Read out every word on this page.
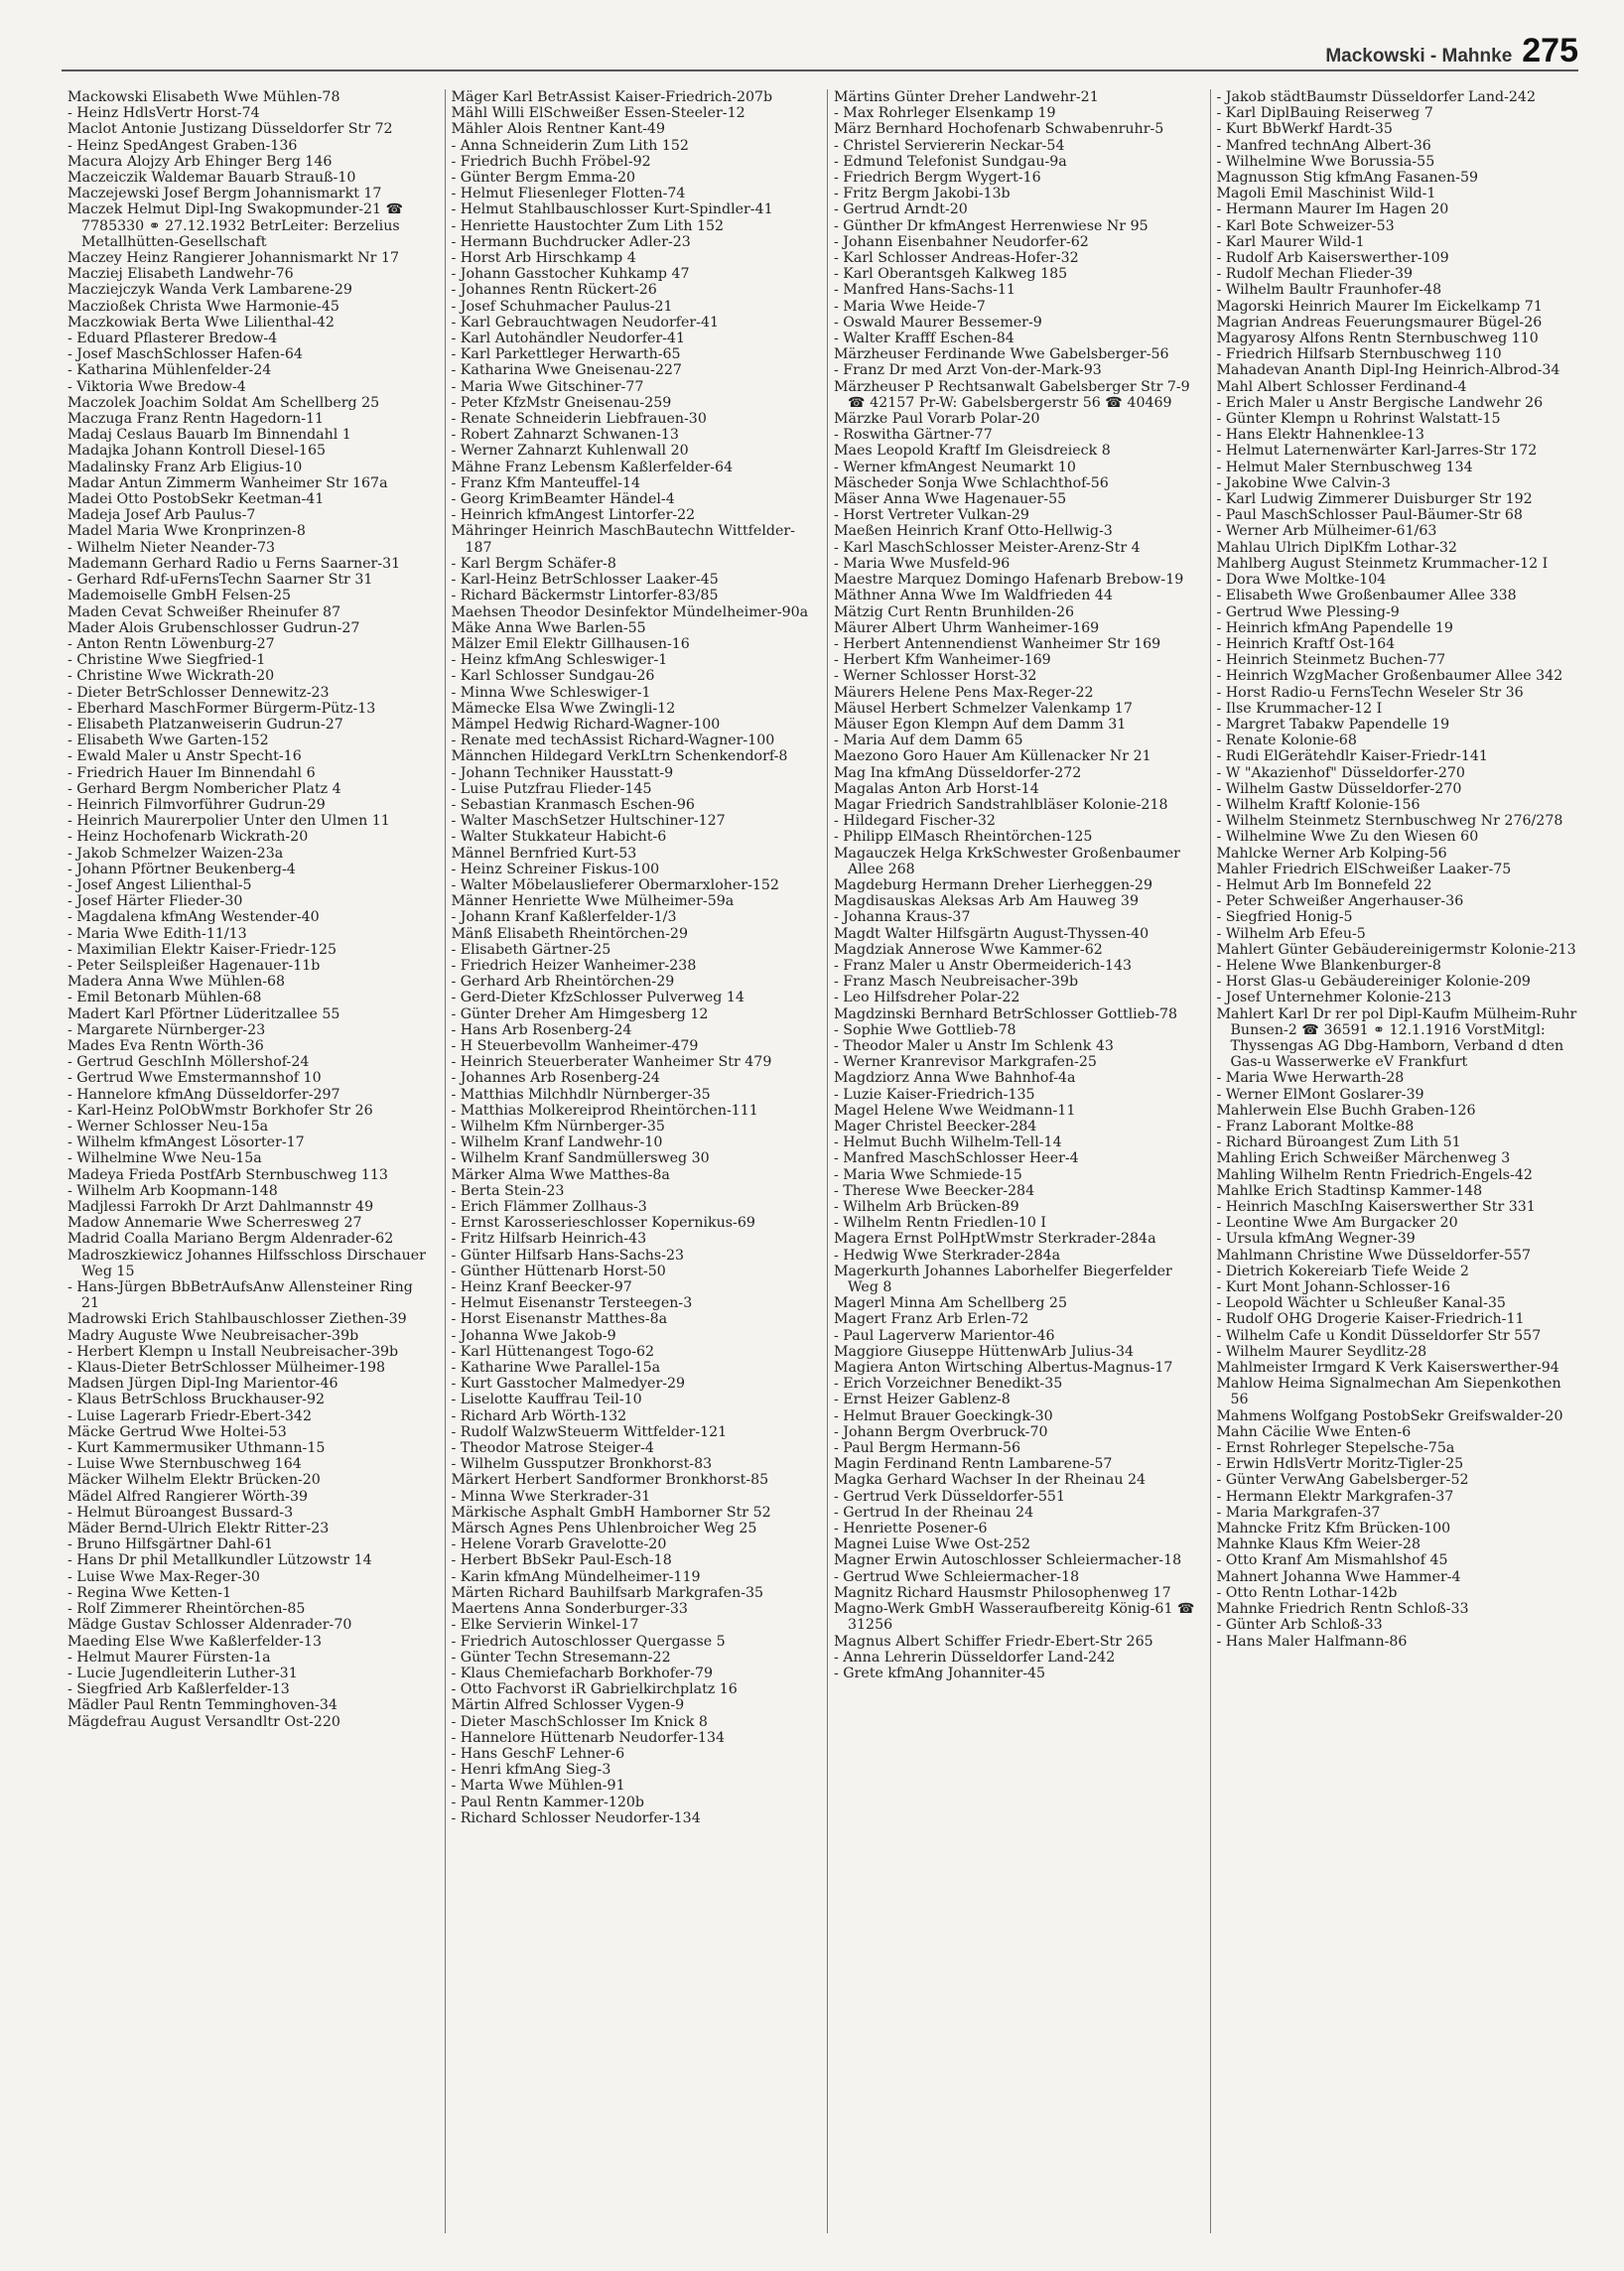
Mackowski - Mahnke 275
Mackowski Elisabeth Wwe Mühlen-78
- Heinz HdlsVertr Horst-74
Maclot Antonie Justizang Düsseldorfer Str 72
- Heinz SpedAngest Graben-136
Macura Alojzy Arb Ehinger Berg 146
Maczeiczik Waldemar Bauarb Strauß-10
Maczejewski Josef Bergm Johannismarkt 17
Maczek Helmut Dipl-Ing Swakopmunder-21 ☎ 7785330 ⚭ 27.12.1932 BetrLeiter: Berzelius Metallhütten-Gesellschaft
Maczey Heinz Rangierer Johannismarkt Nr 17
Macziej Elisabeth Landwehr-76
Macziejczyk Wanda Verk Lambarene-29
Maczioßek Christa Wwe Harmonie-45
Maczkowiak Berta Wwe Lilienthal-42
- Eduard Pflasterer Bredow-4
- Josef MaschSchlosser Hafen-64
- Katharina Mühlenfelder-24
- Viktoria Wwe Bredow-4
Maczolek Joachim Soldat Am Schellberg 25
Maczuga Franz Rentn Hagedorn-11
Madaj Ceslaus Bauarb Im Binnendahl 1
Madajka Johann Kontroll Diesel-165
Madalinsky Franz Arb Eligius-10
Madar Antun Zimmerm Wanheimer Str 167a
Madei Otto PostobSekr Keetman-41
Madeja Josef Arb Paulus-7
Madel Maria Wwe Kronprinzen-8
- Wilhelm Nieter Neander-73
Mademann Gerhard Radio u Ferns Saarner-31
- Gerhard Rdf-uFernsTechn Saarner Str 31
Mademoiselle GmbH Felsen-25
Maden Cevat Schweißer Rheinufer 87
Mader Alois Grubenschlosser Gudrun-27
- Anton Rentn Löwenburg-27
- Christine Wwe Siegfried-1
- Christine Wwe Wickrath-20
- Dieter BetrSchlosser Dennewitz-23
- Eberhard MaschFormer Bürgerm-Pütz-13
- Elisabeth Platzanweiserin Gudrun-27
- Elisabeth Wwe Garten-152
- Ewald Maler u Anstr Specht-16
- Friedrich Hauer Im Binnendahl 6
- Gerhard Bergm Nombericher Platz 4
- Heinrich Filmvorführer Gudrun-29
- Heinrich Maurerpolier Unter den Ulmen 11
- Heinz Hochofenarb Wickrath-20
- Jakob Schmelzer Waizen-23a
- Johann Pförtner Beukenberg-4
- Josef Angest Lilienthal-5
- Josef Härter Flieder-30
- Magdalena kfmAng Westender-40
- Maria Wwe Edith-11/13
- Maximilian Elektr Kaiser-Friedr-125
- Peter Seilspleißer Hagenauer-11b
Madera Anna Wwe Mühlen-68
- Emil Betonarb Mühlen-68
Madert Karl Pförtner Lüderitzallee 55
- Margarete Nürnberger-23
Mades Eva Rentn Wörth-36
- Gertrud GeschInh Möllershof-24
- Gertrud Wwe Emstermannshof 10
- Hannelore kfmAng Düsseldorfer-297
- Karl-Heinz PolObWmstr Borkhofer Str 26
- Werner Schlosser Neu-15a
- Wilhelm kfmAngest Lösorter-17
- Wilhelmine Wwe Neu-15a
Madeya Frieda PostfArb Sternbuschweg 113
- Wilhelm Arb Koopmann-148
Madjlessi Farrokh Dr Arzt Dahlmannstr 49
Madow Annemarie Wwe Scherresweg 27
Madrid Coalla Mariano Bergm Aldenrader-62
Madroszkiewicz Johannes Hilfsschloss Dirschauer Weg 15
- Hans-Jürgen BbBetrAufsAnw Allensteiner Ring 21
Madrowski Erich Stahlbauschlosser Ziethen-39
Madry Auguste Wwe Neubreisacher-39b
- Herbert Klempn u Install Neubreisacher-39b
- Klaus-Dieter BetrSchlosser Mülheimer-198
Madsen Jürgen Dipl-Ing Marientor-46
- Klaus BetrSchloss Bruckhauser-92
- Luise Lagerarb Friedr-Ebert-342
Mäcke Gertrud Wwe Holtei-53
- Kurt Kammermusiker Uthmann-15
- Luise Wwe Sternbuschweg 164
Mäcker Wilhelm Elektr Brücken-20
Mädel Alfred Rangierer Wörth-39
- Helmut Büroangest Bussard-3
Mäder Bernd-Ulrich Elektr Ritter-23
- Bruno Hilfsgärtner Dahl-61
- Hans Dr phil Metallkundler Lützowstr 14
- Luise Wwe Max-Reger-30
- Regina Wwe Ketten-1
- Rolf Zimmerer Rheintörchen-85
Mädge Gustav Schlosser Aldenrader-70
Maeding Else Wwe Kaßlerfelder-13
- Helmut Maurer Fürsten-1a
- Lucie Jugendleiterin Luther-31
- Siegfried Arb Kaßlerfelder-13
Mädler Paul Rentn Temminghoven-34
Mägdefrau August Versandltr Ost-220
Mäger Karl BetrAssist Kaiser-Friedrich-207b
Mähl Willi ElSchweißer Essen-Steeler-12
Mähler Alois Rentner Kant-49
- Anna Schneiderin Zum Lith 152
- Friedrich Buchh Fröbel-92
- Günter Bergm Emma-20
- Helmut Fliesenleger Flotten-74
- Helmut Stahlbauschlosser Kurt-Spindler-41
- Henriette Haustochter Zum Lith 152
- Hermann Buchdrucker Adler-23
- Horst Arb Hirschkamp 4
- Johann Gasstocher Kuhkamp 47
- Johannes Rentn Rückert-26
- Josef Schuhmacher Paulus-21
- Karl Gebrauchtwagen Neudorfer-41
- Karl Autohändler Neudorfer-41
- Karl Parkettleger Herwarth-65
- Katharina Wwe Gneisenau-227
- Maria Wwe Gitschiner-77
- Peter KfzMstr Gneisenau-259
- Renate Schneiderin Liebfrauen-30
- Robert Zahnarzt Schwanen-13
- Werner Zahnarzt Kuhlenwall 20
Mähne Franz Lebensm Kaßlerfelder-64
- Franz Kfm Manteuffel-14
- Georg KrimBeamter Händel-4
- Heinrich kfmAngest Lintorfer-22
Mähringer Heinrich MaschBautechn Wittfelder-187
- Karl Bergm Schäfer-8
- Karl-Heinz BetrSchlosser Laaker-45
- Richard Bäckermstr Lintorfer-83/85
Maehsen Theodor Desinfektor Mündelheimer-90a
Mäke Anna Wwe Barlen-55
Mälzer Emil Elektr Gillhausen-16
- Heinz kfmAng Schleswiger-1
- Karl Schlosser Sundgau-26
- Minna Wwe Schleswiger-1
Mämecke Elsa Wwe Zwingli-12
Mämpel Hedwig Richard-Wagner-100
- Renate med techAssist Richard-Wagner-100
Männchen Hildegard VerkLtrn Schenkendorf-8
- Johann Techniker Hausstatt-9
- Luise Putzfrau Flieder-145
- Sebastian Kranmasch Eschen-96
- Walter MaschSetzer Hultschiner-127
- Walter Stukkateur Habicht-6
Männel Bernfried Kurt-53
- Heinz Schreiner Fiskus-100
- Walter Möbelauslieferer Obermarxloher-152
Männer Henriette Wwe Mülheimer-59a
- Johann Kranf Kaßlerfelder-1/3
Mänß Elisabeth Rheintörchen-29
- Elisabeth Gärtner-25
- Friedrich Heizer Wanheimer-238
- Gerhard Arb Rheintörchen-29
- Gerd-Dieter KfzSchlosser Pulverweg 14
- Günter Dreher Am Himgesberg 12
- Hans Arb Rosenberg-24
- H Steuerbevollm Wanheimer-479
- Heinrich Steuerberater Wanheimer Str 479
- Johannes Arb Rosenberg-24
- Matthias Milchhdlr Nürnberger-35
- Matthias Molkereiprod Rheintörchen-111
- Wilhelm Kfm Nürnberger-35
- Wilhelm Kranf Landwehr-10
- Wilhelm Kranf Sandmüllersweg 30
Märker Alma Wwe Matthes-8a
- Berta Stein-23
- Erich Flämmer Zollhaus-3
- Ernst Karosserieschlosser Kopernikus-69
- Fritz Hilfsarb Heinrich-43
- Günter Hilfsarb Hans-Sachs-23
- Günther Hüttenarb Horst-50
- Heinz Kranf Beecker-97
- Helmut Eisenanstr Tersteegen-3
- Horst Eisenanstr Matthes-8a
- Johanna Wwe Jakob-9
- Karl Hüttenangest Togo-62
- Katharine Wwe Parallel-15a
- Kurt Gasstocher Malmedyer-29
- Liselotte Kauffrau Teil-10
- Richard Arb Wörth-132
- Rudolf WalzwSteuerm Wittfelder-121
- Theodor Matrose Steiger-4
- Wilhelm Gussputzer Bronkhorst-83
Märkert Herbert Sandformer Bronkhorst-85
- Minna Wwe Sterkrader-31
Märkische Asphalt GmbH Hamborner Str 52
Märsch Agnes Pens Uhlenbroicher Weg 25
- Helene Vorarb Gravelotte-20
- Herbert BbSekr Paul-Esch-18
- Karin kfmAng Mündelheimer-119
Märten Richard Bauhilfsarb Markgrafen-35
Maertens Anna Sonderburger-33
- Elke Servierin Winkel-17
- Friedrich Autoschlosser Quergasse 5
- Günter Techn Stresemann-22
- Klaus Chemiefacharb Borkhofer-79
- Otto Fachvorst iR Gabrielkirchplatz 16
Märtin Alfred Schlosser Vygen-9
- Dieter MaschSchlosser Im Knick 8
- Hannelore Hüttenarb Neudorfer-134
- Hans GeschF Lehner-6
- Henri kfmAng Sieg-3
- Marta Wwe Mühlen-91
- Paul Rentn Kammer-120b
- Richard Schlosser Neudorfer-134
Märtins Günter Dreher Landwehr-21
- Max Rohrleger Elsenkamp 19
März Bernhard Hochofenarb Schwabenruhr-5
- Christel Serviererin Neckar-54
- Edmund Telefonist Sundgau-9a
- Friedrich Bergm Wygert-16
- Fritz Bergm Jakobi-13b
- Gertrud Arndt-20
- Günther Dr kfmAngest Herrenwiese Nr 95
- Johann Eisenbahner Neudorfer-62
- Karl Schlosser Andreas-Hofer-32
- Karl Oberantsgeh Kalkweg 185
- Manfred Hans-Sachs-11
- Maria Wwe Heide-7
- Oswald Maurer Bessemer-9
- Walter Krafff Eschen-84
Märzheuser Ferdinande Wwe Gabelsberger-56
- Franz Dr med Arzt Von-der-Mark-93
Märzheuser P Rechtsanwalt Gabelsberger Str 7-9 ☎ 42157 Pr-W: Gabelsbergerstr 56 ☎ 40469
Märzke Paul Vorarb Polar-20
- Roswitha Gärtner-77
Maes Leopold Kraftf Im Gleisdreieck 8
- Werner kfmAngest Neumarkt 10
Mäscheder Sonja Wwe Schlachthof-56
Mäser Anna Wwe Hagenauer-55
- Horst Vertreter Vulkan-29
Maeßen Heinrich Kranf Otto-Hellwig-3
- Karl MaschSchlosser Meister-Arenz-Str 4
- Maria Wwe Musfeld-96
Maestre Marquez Domingo Hafenarb Brebow-19
Mäthner Anna Wwe Im Waldfrieden 44
Mätzig Curt Rentn Brunhilden-26
Mäurer Albert Uhrm Wanheimer-169
- Herbert Antennendienst Wanheimer Str 169
- Herbert Kfm Wanheimer-169
- Werner Schlosser Horst-32
Mäurers Helene Pens Max-Reger-22
Mäusel Herbert Schmelzer Valenkamp 17
Mäuser Egon Klempn Auf dem Damm 31
- Maria Auf dem Damm 65
Maezono Goro Hauer Am Küllenacker Nr 21
Mag Ina kfmAng Düsseldorfer-272
Magalas Anton Arb Horst-14
Magar Friedrich Sandstrahlbläser Kolonie-218
- Hildegard Fischer-32
- Philipp ElMasch Rheintörchen-125
Magauczek Helga KrkSchwester Großenbaumer Allee 268
Magdeburg Hermann Dreher Lierheggen-29
Magdisauskas Aleksas Arb Am Hauweg 39
- Johanna Kraus-37
Magdt Walter Hilfsgärtn August-Thyssen-40
Magdziak Annerose Wwe Kammer-62
- Franz Maler u Anstr Obermeiderich-143
- Franz Masch Neubreisacher-39b
- Leo Hilfsdreher Polar-22
Magdzinski Bernhard BetrSchlosser Gottlieb-78
- Sophie Wwe Gottlieb-78
- Theodor Maler u Anstr Im Schlenk 43
- Werner Kranrevisor Markgrafen-25
Magdziorz Anna Wwe Bahnhof-4a
- Luzie Kaiser-Friedrich-135
Magel Helene Wwe Weidmann-11
Mager Christel Beecker-284
- Helmut Buchh Wilhelm-Tell-14
- Manfred MaschSchlosser Heer-4
- Maria Wwe Schmiede-15
- Therese Wwe Beecker-284
- Wilhelm Arb Brücken-89
- Wilhelm Rentn Friedlen-10 I
Magera Ernst PolHptWmstr Sterkrader-284a
- Hedwig Wwe Sterkrader-284a
Magerkurth Johannes Laborhelfer Biegerfelder Weg 8
Magerl Minna Am Schellberg 25
Magert Franz Arb Erlen-72
- Paul Lagerverw Marientor-46
Maggiore Giuseppe HüttenwArb Julius-34
Magiera Anton Wirtsching Albertus-Magnus-17
- Erich Vorzeichner Benedikt-35
- Ernst Heizer Gablenz-8
- Helmut Brauer Goeckingk-30
- Johann Bergm Overbruck-70
- Paul Bergm Hermann-56
Magin Ferdinand Rentn Lambarene-57
Magka Gerhard Wachser In der Rheinau 24
- Gertrud Verk Düsseldorfer-551
- Gertrud In der Rheinau 24
- Henriette Posener-6
Magnei Luise Wwe Ost-252
Magner Erwin Autoschlosser Schleiermacher-18
- Gertrud Wwe Schleiermacher-18
Magnitz Richard Hausmstr Philosophenweg 17
Magno-Werk GmbH Wasseraufbereitg König-61 ☎ 31256
Magnus Albert Schiffer Friedr-Ebert-Str 265
- Anna Lehrerin Düsseldorfer Land-242
- Grete kfmAng Johanniter-45
- Jakob städtBaumstr Düsseldorfer Land-242
- Karl DiplBauing Reiserweg 7
- Kurt BbWerkf Hardt-35
- Manfred technAng Albert-36
- Wilhelmine Wwe Borussia-55
Magnusson Stig kfmAng Fasanen-59
Magoli Emil Maschinist Wild-1
- Hermann Maurer Im Hagen 20
- Karl Bote Schweizer-53
- Karl Maurer Wild-1
- Rudolf Arb Kaiserswerther-109
- Rudolf Mechan Flieder-39
- Wilhelm Baultr Fraunhofer-48
Magorski Heinrich Maurer Im Eickelkamp 71
Magrian Andreas Feuerungsmaurer Bügel-26
Magyarosy Alfons Rentn Sternbuschweg 110
- Friedrich Hilfsarb Sternbuschweg 110
Mahadevan Ananth Dipl-Ing Heinrich-Albrod-34
Mahl Albert Schlosser Ferdinand-4
- Erich Maler u Anstr Bergische Landwehr 26
- Günter Klempn u Rohrinst Walstatt-15
- Hans Elektr Hahnenklee-13
- Helmut Laternenwärter Karl-Jarres-Str 172
- Helmut Maler Sternbuschweg 134
- Jakobine Wwe Calvin-3
- Karl Ludwig Zimmerer Duisburger Str 192
- Paul MaschSchlosser Paul-Bäumer-Str 68
- Werner Arb Mülheimer-61/63
Mahlau Ulrich DiplKfm Lothar-32
Mahlberg August Steinmetz Krummacher-12 I
- Dora Wwe Moltke-104
- Elisabeth Wwe Großenbaumer Allee 338
- Gertrud Wwe Plessing-9
- Heinrich kfmAng Papendelle 19
- Heinrich Kraftf Ost-164
- Heinrich Steinmetz Buchen-77
- Heinrich WzgMacher Großenbaumer Allee 342
- Horst Radio-u FernsTechn Weseler Str 36
- Ilse Krummacher-12 I
- Margret Tabakw Papendelle 19
- Renate Kolonie-68
- Rudi ElGerätehdlr Kaiser-Friedr-141
- W "Akazienhof" Düsseldorfer-270
- Wilhelm Gastw Düsseldorfer-270
- Wilhelm Kraftf Kolonie-156
- Wilhelm Steinmetz Sternbuschweg Nr 276/278
- Wilhelmine Wwe Zu den Wiesen 60
Mahlcke Werner Arb Kolping-56
Mahler Friedrich ElSchweißer Laaker-75
- Helmut Arb Im Bonnefeld 22
- Peter Schweißer Angerhauser-36
- Siegfried Honig-5
- Wilhelm Arb Efeu-5
Mahlert Günter Gebäudereinigermstr Kolonie-213
- Helene Wwe Blankenburger-8
- Horst Glas-u Gebäudereiniger Kolonie-209
- Josef Unternehmer Kolonie-213
Mahlert Karl Dr rer pol Dipl-Kaufm Mülheim-Ruhr Bunsen-2 ☎ 36591 ⚭ 12.1.1916 VorstMitgl: Thyssengas AG Dbg-Hamborn, Verband d dten Gas-u Wasserwerke eV Frankfurt
- Maria Wwe Herwarth-28
- Werner ElMont Goslarer-39
Mahlerwein Else Buchh Graben-126
- Franz Laborant Moltke-88
- Richard Büroangest Zum Lith 51
Mahling Erich Schweißer Märchenweg 3
Mahling Wilhelm Rentn Friedrich-Engels-42
Mahlke Erich Stadtinsp Kammer-148
- Heinrich MaschIng Kaiserswerther Str 331
- Leontine Wwe Am Burgacker 20
- Ursula kfmAng Wegner-39
Mahlmann Christine Wwe Düsseldorfer-557
- Dietrich Kokereiarb Tiefe Weide 2
- Kurt Mont Johann-Schlosser-16
- Leopold Wächter u Schleußer Kanal-35
- Rudolf OHG Drogerie Kaiser-Friedrich-11
- Wilhelm Cafe u Kondit Düsseldorfer Str 557
- Wilhelm Maurer Seydlitz-28
Mahlmeister Irmgard K Verk Kaiserswerther-94
Mahlow Heima Signalmechan Am Siepenkothen 56
Mahmens Wolfgang PostobSekr Greifswalder-20
Mahn Cäcilie Wwe Enten-6
- Ernst Rohrleger Stepelsche-75a
- Erwin HdlsVertr Moritz-Tigler-25
- Günter VerwAng Gabelsberger-52
- Hermann Elektr Markgrafen-37
- Maria Markgrafen-37
Mahncke Fritz Kfm Brücken-100
Mahnke Klaus Kfm Weier-28
- Otto Kranf Am Mismahlshof 45
Mahnert Johanna Wwe Hammer-4
- Otto Rentn Lothar-142b
Mahnke Friedrich Rentn Schloß-33
- Günter Arb Schloß-33
- Hans Maler Halfmann-86
